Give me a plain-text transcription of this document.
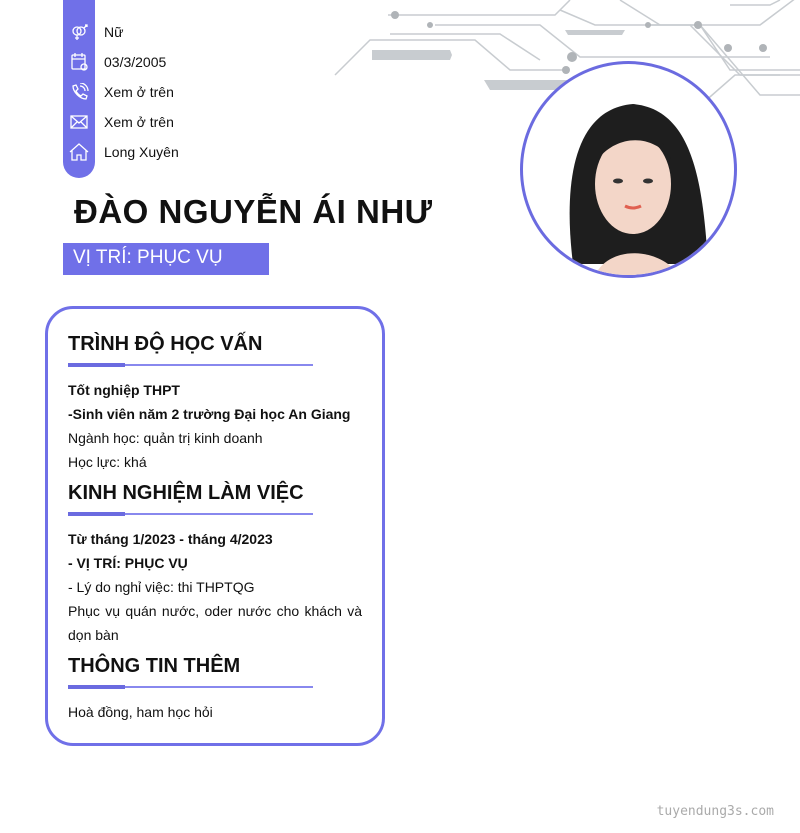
Nữ
03/3/2005
Xem ở trên
Xem ở trên
Long Xuyên
ĐÀO NGUYỄN ÁI NHƯ
VỊ TRÍ: PHỤC VỤ
TRÌNH ĐỘ HỌC VẤN

Tốt nghiệp THPT

-Sinh viên năm 2 trường Đại học An Giang

Ngành học: quản trị kinh doanh

Học lực: khá

KINH NGHIỆM LÀM VIỆC

Từ tháng 1/2023 - tháng 4/2023

- VỊ TRÍ: PHỤC VỤ

- Lý do nghỉ việc: thi THPTQG

Phục vụ quán nước, oder nước cho khách và dọn bàn

THÔNG TIN THÊM

Hoà đồng, ham học hỏi

tuyendung3s.com
